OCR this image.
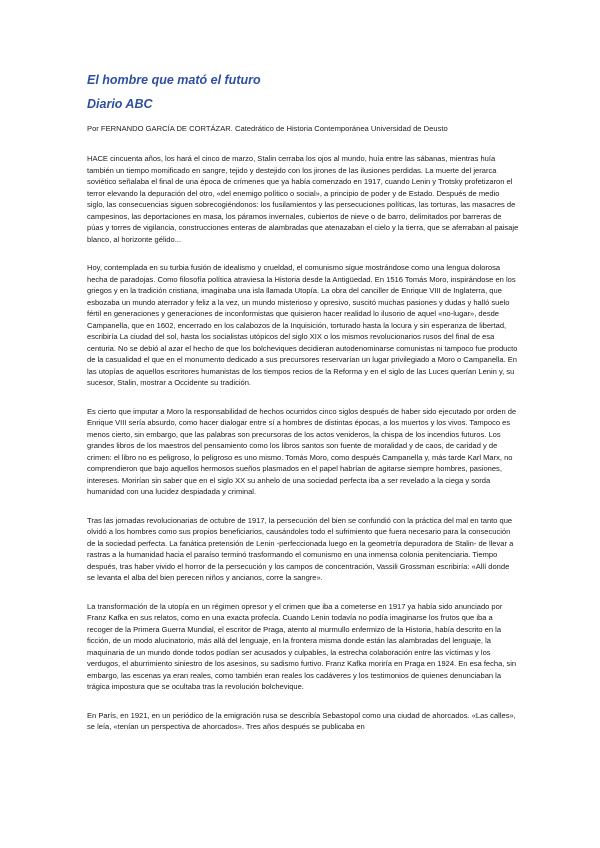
El hombre que mató el futuro
Diario ABC

Por FERNANDO GARCÍA DE CORTÁZAR. Catedrático de Historia Contemporánea Universidad de Deusto

HACE cincuenta años, los hará el cinco de marzo, Stalin cerraba los ojos al mundo, huía entre las sábanas, mientras huía también un tiempo momificado en sangre, tejido y destejido con los jirones de las ilusiones perdidas. La muerte del jerarca soviético señalaba el final de una época de crímenes que ya había comenzado en 1917, cuando Lenin y Trotsky profetizaron el terror elevando la depuración del otro, «del enemigo político o social», a principio de poder y de Estado. Después de medio siglo, las consecuencias siguen sobrecogiéndonos: los fusilamientos y las persecuciones políticas, las torturas, las masacres de campesinos, las deportaciones en masa, los páramos invernales, cubiertos de nieve o de barro, delimitados por barreras de púas y torres de vigilancia, construcciones enteras de alambradas que atenazaban el cielo y la tierra, que se aferraban al paisaje blanco, al horizonte gélido...

Hoy, contemplada en su turbia fusión de idealismo y crueldad, el comunismo sigue mostrándose como una lengua dolorosa hecha de paradojas. Como filosofía política atraviesa la Historia desde la Antigüedad. En 1516 Tomás Moro, inspirándose en los griegos y en la tradición cristiana, imaginaba una isla llamada Utopía. La obra del canciller de Enrique VIII de Inglaterra, que esbozaba un mundo aterrador y feliz a la vez, un mundo misterioso y opresivo, suscitó muchas pasiones y dudas y halló suelo fértil en generaciones y generaciones de inconformistas que quisieron hacer realidad lo ilusorio de aquel «no-lugar», desde Campanella, que en 1602, encerrado en los calabozos de la Inquisición, torturado hasta la locura y sin esperanza de libertad, escribiría La ciudad del sol, hasta los socialistas utópicos del siglo XIX o los mismos revolucionarios rusos del final de esa centuria. No se debió al azar el hecho de que los bolcheviques decidieran autodenominarse comunistas ni tampoco fue producto de la casualidad el que en el monumento dedicado a sus precursores reservarían un lugar privilegiado a Moro o Campanella. En las utopías de aquellos escritores humanistas de los tiempos recios de la Reforma y en el siglo de las Luces querían Lenin y, su sucesor, Stalin, mostrar a Occidente su tradición.

Es cierto que imputar a Moro la responsabilidad de hechos ocurridos cinco siglos después de haber sido ejecutado por orden de Enrique VIII sería absurdo, como hacer dialogar entre sí a hombres de distintas épocas, a los muertos y los vivos. Tampoco es menos cierto, sin embargo, que las palabras son precursoras de los actos venideros, la chispa de los incendios futuros. Los grandes libros de los maestros del pensamiento como los libros santos son fuente de moralidad y de caos, de caridad y de crimen: el libro no es peligroso, lo peligroso es uno mismo. Tomás Moro, como después Campanella y, más tarde Karl Marx, no comprendieron que bajo aquellos hermosos sueños plasmados en el papel habrían de agitarse siempre hombres, pasiones, intereses. Morirían sin saber que en el siglo XX su anhelo de una sociedad perfecta iba a ser revelado a la ciega y sorda humanidad con una lucidez despiadada y criminal.

Tras las jornadas revolucionarias de octubre de 1917, la persecución del bien se confundió con la práctica del mal en tanto que olvidó a los hombres como sus propios beneficiarios, causándoles todo el sufrimiento que fuera necesario para la consecución de la sociedad perfecta. La fanática pretensión de Lenin -perfeccionada luego en la geometría depuradora de Stalin- de llevar a rastras a la humanidad hacia el paraíso terminó trasformando el comunismo en una inmensa colonia penitenciaria. Tiempo después, tras haber vivido el horror de la persecución y los campos de concentración, Vassili Grossman escribiría: «Allí donde se levanta el alba del bien perecen niños y ancianos, corre la sangre».

La transformación de la utopía en un régimen opresor y el crimen que iba a cometerse en 1917 ya había sido anunciado por Franz Kafka en sus relatos, como en una exacta profecía. Cuando Lenin todavía no podía imaginarse los frutos que iba a recoger de la Primera Guerra Mundial, el escritor de Praga, atento al murmullo enfermizo de la Historia, había descrito en la ficción, de un modo alucinatorio, más allá del lenguaje, en la frontera misma donde están las alambradas del lenguaje, la maquinaria de un mundo donde todos podían ser acusados y culpables, la estrecha colaboración entre las víctimas y los verdugos, el aburrimiento siniestro de los asesinos, su sadismo furtivo. Franz Kafka moriría en Praga en 1924. En esa fecha, sin embargo, las escenas ya eran reales, como también eran reales los cadáveres y los testimonios de quienes denunciaban la trágica impostura que se ocultaba tras la revolución bolchevique.

En París, en 1921, en un periódico de la emigración rusa se describía Sebastopol como una ciudad de ahorcados. «Las calles», se leía, «tenían un perspectiva de ahorcados». Tres años después se publicaba en
